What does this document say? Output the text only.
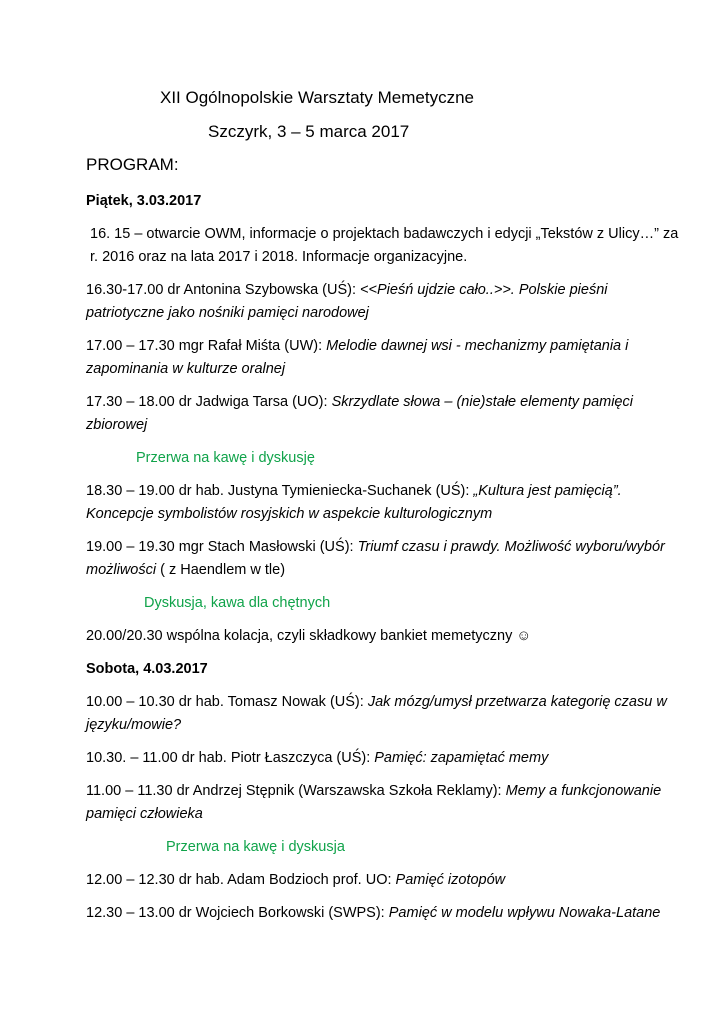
XII Ogólnopolskie Warsztaty Memetyczne
Szczyrk, 3 – 5 marca 2017
PROGRAM:
Piątek, 3.03.2017
16. 15 – otwarcie OWM, informacje o projektach badawczych i edycji „Tekstów z Ulicy…” za r. 2016 oraz na lata 2017 i 2018. Informacje organizacyjne.
16.30-17.00 dr Antonina Szybowska (UŚ): <<Pieśń ujdzie cało..>>. Polskie pieśni patriotyczne jako nośniki pamięci narodowej
17.00 – 17.30 mgr Rafał Miśta (UW): Melodie dawnej wsi - mechanizmy pamiętania i zapominania w kulturze oralnej
17.30 – 18.00 dr Jadwiga Tarsa (UO): Skrzydlate słowa – (nie)stałe elementy pamięci zbiorowej
Przerwa na kawę i dyskusję
18.30 – 19.00 dr hab. Justyna Tymieniecka-Suchanek (UŚ): „Kultura jest pamięcią”. Koncepcje symbolistów rosyjskich w aspekcie kulturologicznym
19.00 – 19.30 mgr Stach Masłowski (UŚ): Triumf czasu i prawdy. Możliwość wyboru/wybór możliwości ( z Haendlem w tle)
Dyskusja, kawa dla chętnych
20.00/20.30 wspólna kolacja, czyli składkowy bankiet memetyczny ☺
Sobota, 4.03.2017
10.00 – 10.30 dr hab. Tomasz Nowak (UŚ): Jak mózg/umysł przetwarza kategorię czasu w języku/mowie?
10.30. – 11.00 dr hab. Piotr Łaszczyca (UŚ): Pamięć: zapamiętać memy
11.00 – 11.30 dr Andrzej Stępnik (Warszawska Szkoła Reklamy): Memy a funkcjonowanie pamięci człowieka
Przerwa na kawę i dyskusja
12.00 – 12.30 dr hab. Adam Bodzioch prof. UO: Pamięć izotopów
12.30 – 13.00 dr Wojciech Borkowski (SWPS): Pamięć w modelu wpływu Nowaka-Latane
